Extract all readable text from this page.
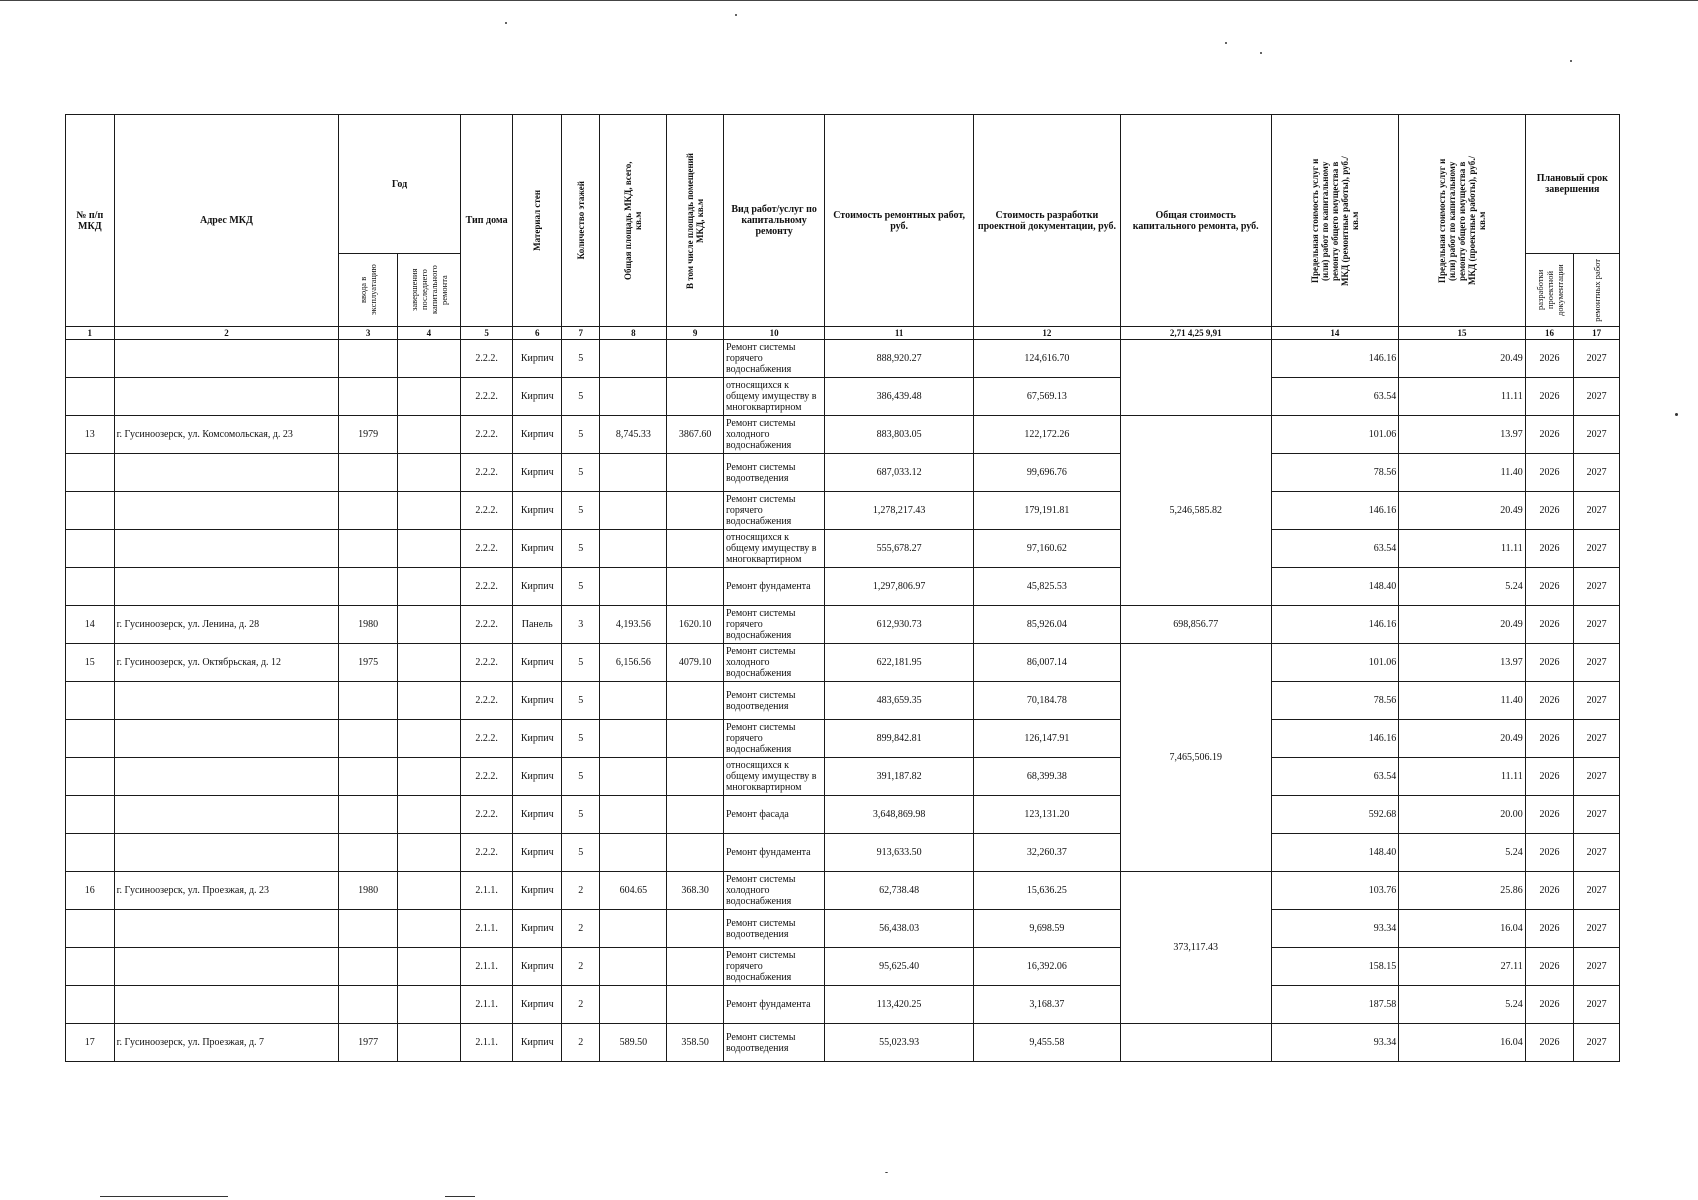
№ п/п МКД	Адрес МКД	Год		Тип дома	Материал стен	Количество этажей	Общая площадь МКД, всего, кв.м	В том числе площадь помещений МКД, кв.м	Вид работ/услуг по капитальному ремонту	Стоимость ремонтных работ, руб.	Стоимость разработки проектной документации, руб.	Общая стоимость капитального ремонта, руб.	Предельная стоимость услуг и (или) работ по капитальному ремонту общего имущества в МКД (ремонтные работы), руб./кв.м	Предельная стоимость услуг и (или) работ по капитальному ремонту общего имущества в МКД (проектные работы), руб./кв.м	Плановый срок завершения	

		ввода в эксплуатацию	завершения последнего капитального ремонта												разработки проектной документации	ремонтных работ

1	2	3	4	5	6	7	8	9	10	11	12	2,71 4,25 9,91	14	15	16	17
				2.2.2.	Кирпич	5			Ремонт системы горячего водоснабжения	888,920.27	124,616.70		146.16	20.49	2026	2027
				2.2.2.	Кирпич	5			относящихся к общему имуществу в многоквартирном	386,439.48	67,569.13		63.54	11.11	2026	2027
13	г. Гусиноозерск, ул. Комсомольская, д. 23	1979		2.2.2.	Кирпич	5	8,745.33	3867.60	Ремонт системы холодного водоснабжения	883,803.05	122,172.26	5,246,585.82	101.06	13.97	2026	2027
				2.2.2.	Кирпич	5			Ремонт системы водоотведения	687,033.12	99,696.76		78.56	11.40	2026	2027
				2.2.2.	Кирпич	5			Ремонт системы горячего водоснабжения	1,278,217.43	179,191.81		146.16	20.49	2026	2027
				2.2.2.	Кирпич	5			относящихся к общему имуществу в многоквартирном	555,678.27	97,160.62		63.54	11.11	2026	2027
				2.2.2.	Кирпич	5			Ремонт фундамента	1,297,806.97	45,825.53		148.40	5.24	2026	2027
14	г. Гусиноозерск, ул. Ленина, д. 28	1980		2.2.2.	Панель	3	4,193.56	1620.10	Ремонт системы горячего водоснабжения	612,930.73	85,926.04	698,856.77	146.16	20.49	2026	2027
15	г. Гусиноозерск, ул. Октябрьская, д. 12	1975		2.2.2.	Кирпич	5	6,156.56	4079.10	Ремонт системы холодного водоснабжения	622,181.95	86,007.14	7,465,506.19	101.06	13.97	2026	2027
				2.2.2.	Кирпич	5			Ремонт системы водоотведения	483,659.35	70,184.78		78.56	11.40	2026	2027
				2.2.2.	Кирпич	5			Ремонт системы горячего водоснабжения	899,842.81	126,147.91		146.16	20.49	2026	2027
				2.2.2.	Кирпич	5			относящихся к общему имуществу в многоквартирном	391,187.82	68,399.38		63.54	11.11	2026	2027
				2.2.2.	Кирпич	5			Ремонт фасада	3,648,869.98	123,131.20		592.68	20.00	2026	2027
				2.2.2.	Кирпич	5			Ремонт фундамента	913,633.50	32,260.37		148.40	5.24	2026	2027
16	г. Гусиноозерск, ул. Проезжая, д. 23	1980		2.1.1.	Кирпич	2	604.65	368.30	Ремонт системы холодного водоснабжения	62,738.48	15,636.25	373,117.43	103.76	25.86	2026	2027
				2.1.1.	Кирпич	2			Ремонт системы водоотведения	56,438.03	9,698.59		93.34	16.04	2026	2027
				2.1.1.	Кирпич	2			Ремонт системы горячего водоснабжения	95,625.40	16,392.06		158.15	27.11	2026	2027
				2.1.1.	Кирпич	2			Ремонт фундамента	113,420.25	3,168.37		187.58	5.24	2026	2027
17	г. Гусиноозерск, ул. Проезжая, д. 7	1977		2.1.1.	Кирпич	2	589.50	358.50	Ремонт системы водоотведения	55,023.93	9,455.58		93.34	16.04	2026	2027
